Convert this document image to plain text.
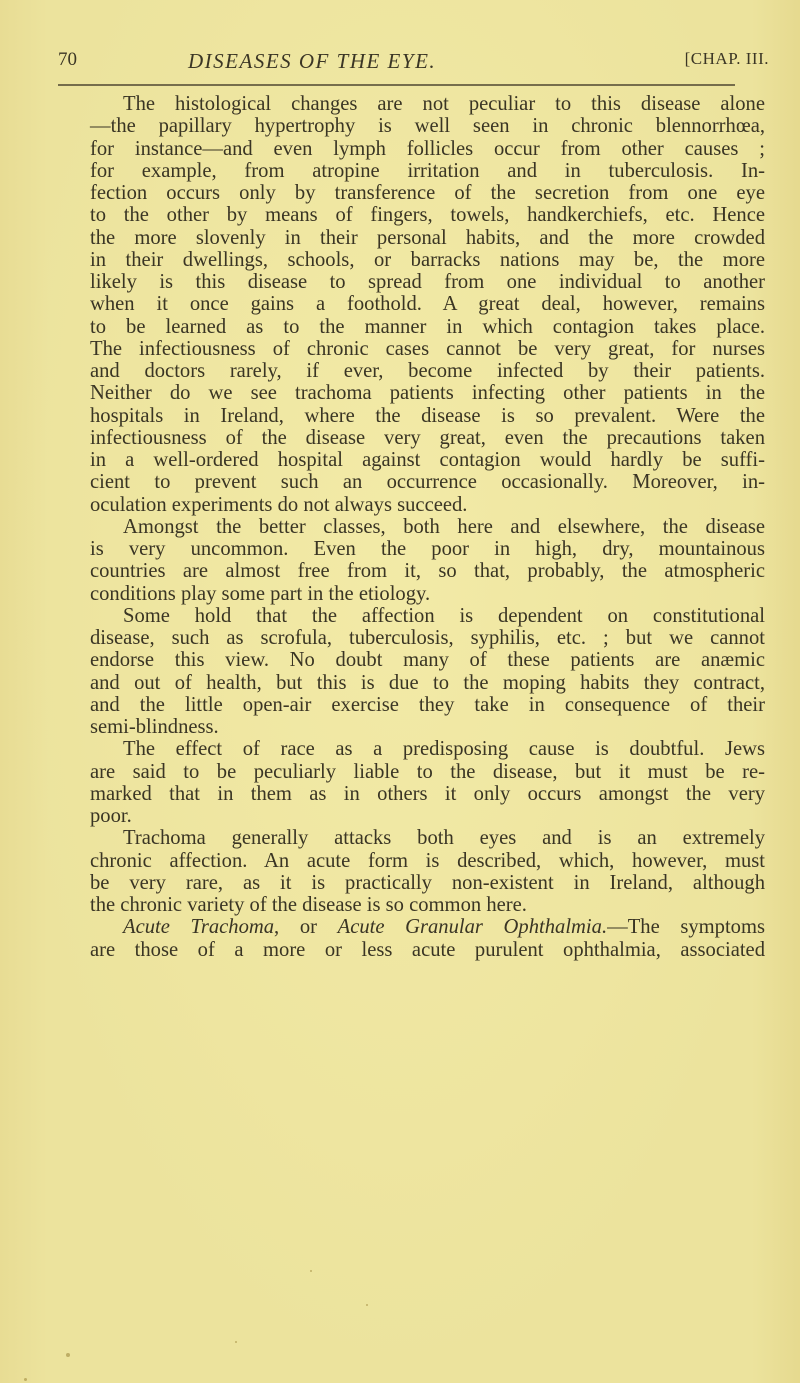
70	DISEASES OF THE EYE.	[CHAP. III.
The histological changes are not peculiar to this disease alone
—the papillary hypertrophy is well seen in chronic blennorrhœa,
for instance—and even lymph follicles occur from other causes ;
for example, from atropine irritation and in tuberculosis. In-
fection occurs only by transference of the secretion from one eye
to the other by means of fingers, towels, handkerchiefs, etc. Hence
the more slovenly in their personal habits, and the more crowded
in their dwellings, schools, or barracks nations may be, the more
likely is this disease to spread from one individual to another
when it once gains a foothold. A great deal, however, remains
to be learned as to the manner in which contagion takes place.
The infectiousness of chronic cases cannot be very great, for nurses
and doctors rarely, if ever, become infected by their patients.
Neither do we see trachoma patients infecting other patients in the
hospitals in Ireland, where the disease is so prevalent. Were the
infectiousness of the disease very great, even the precautions taken
in a well-ordered hospital against contagion would hardly be suffi-
cient to prevent such an occurrence occasionally. Moreover, in-
oculation experiments do not always succeed.
Amongst the better classes, both here and elsewhere, the disease
is very uncommon. Even the poor in high, dry, mountainous
countries are almost free from it, so that, probably, the atmospheric
conditions play some part in the etiology.
Some hold that the affection is dependent on constitutional
disease, such as scrofula, tuberculosis, syphilis, etc. ; but we cannot
endorse this view. No doubt many of these patients are anæmic
and out of health, but this is due to the moping habits they contract,
and the little open-air exercise they take in consequence of their
semi-blindness.
The effect of race as a predisposing cause is doubtful. Jews
are said to be peculiarly liable to the disease, but it must be re-
marked that in them as in others it only occurs amongst the very
poor.
Trachoma generally attacks both eyes and is an extremely
chronic affection. An acute form is described, which, however, must
be very rare, as it is practically non-existent in Ireland, although
the chronic variety of the disease is so common here.
Acute Trachoma, or Acute Granular Ophthalmia.—The symptoms
are those of a more or less acute purulent ophthalmia, associated
